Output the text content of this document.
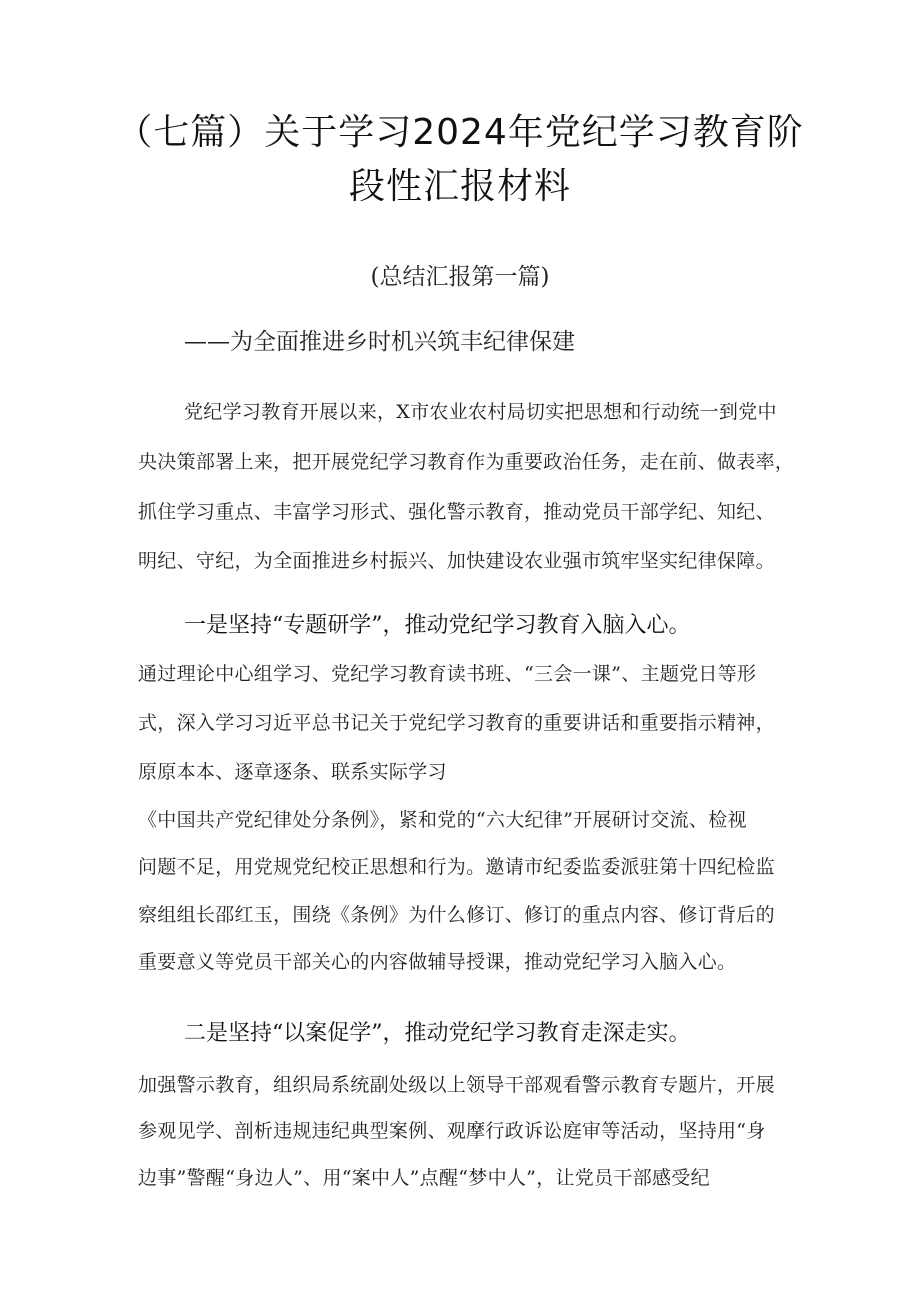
（七篇）关于学习2024年党纪学习教育阶
段性汇报材料
(总结汇报第一篇)
——为全面推进乡时机兴筑丰纪律保建
党纪学习教育开展以来，X市农业农村局切实把思想和行动统一到党中
央决策部署上来，把开展党纪学习教育作为重要政治任务，走在前、做表率，
抓住学习重点、丰富学习形式、强化警示教育，推动党员干部学纪、知纪、
明纪、守纪，为全面推进乡村振兴、加快建设农业强市筑牢坚实纪律保障。
一是坚持“专题研学”，推动党纪学习教育入脑入心。
通过理论中心组学习、党纪学习教育读书班、“三会一课”、主题党日等形
式，深入学习习近平总书记关于党纪学习教育的重要讲话和重要指示精神，
原原本本、逐章逐条、联系实际学习
《中国共产党纪律处分条例》，紧和党的“六大纪律”开展研讨交流、检视
问题不足，用党规党纪校正思想和行为。邀请市纪委监委派驻第十四纪检监
察组组长邵红玉，围绕《条例》为什么修订、修订的重点内容、修订背后的
重要意义等党员干部关心的内容做辅导授课，推动党纪学习入脑入心。
二是坚持“以案促学”，推动党纪学习教育走深走实。
加强警示教育，组织局系统副处级以上领导干部观看警示教育专题片，开展
参观见学、剖析违规违纪典型案例、观摩行政诉讼庭审等活动，坚持用“身
边事”警醒“身边人”、用“案中人”点醒“梦中人”，让党员干部感受纪
